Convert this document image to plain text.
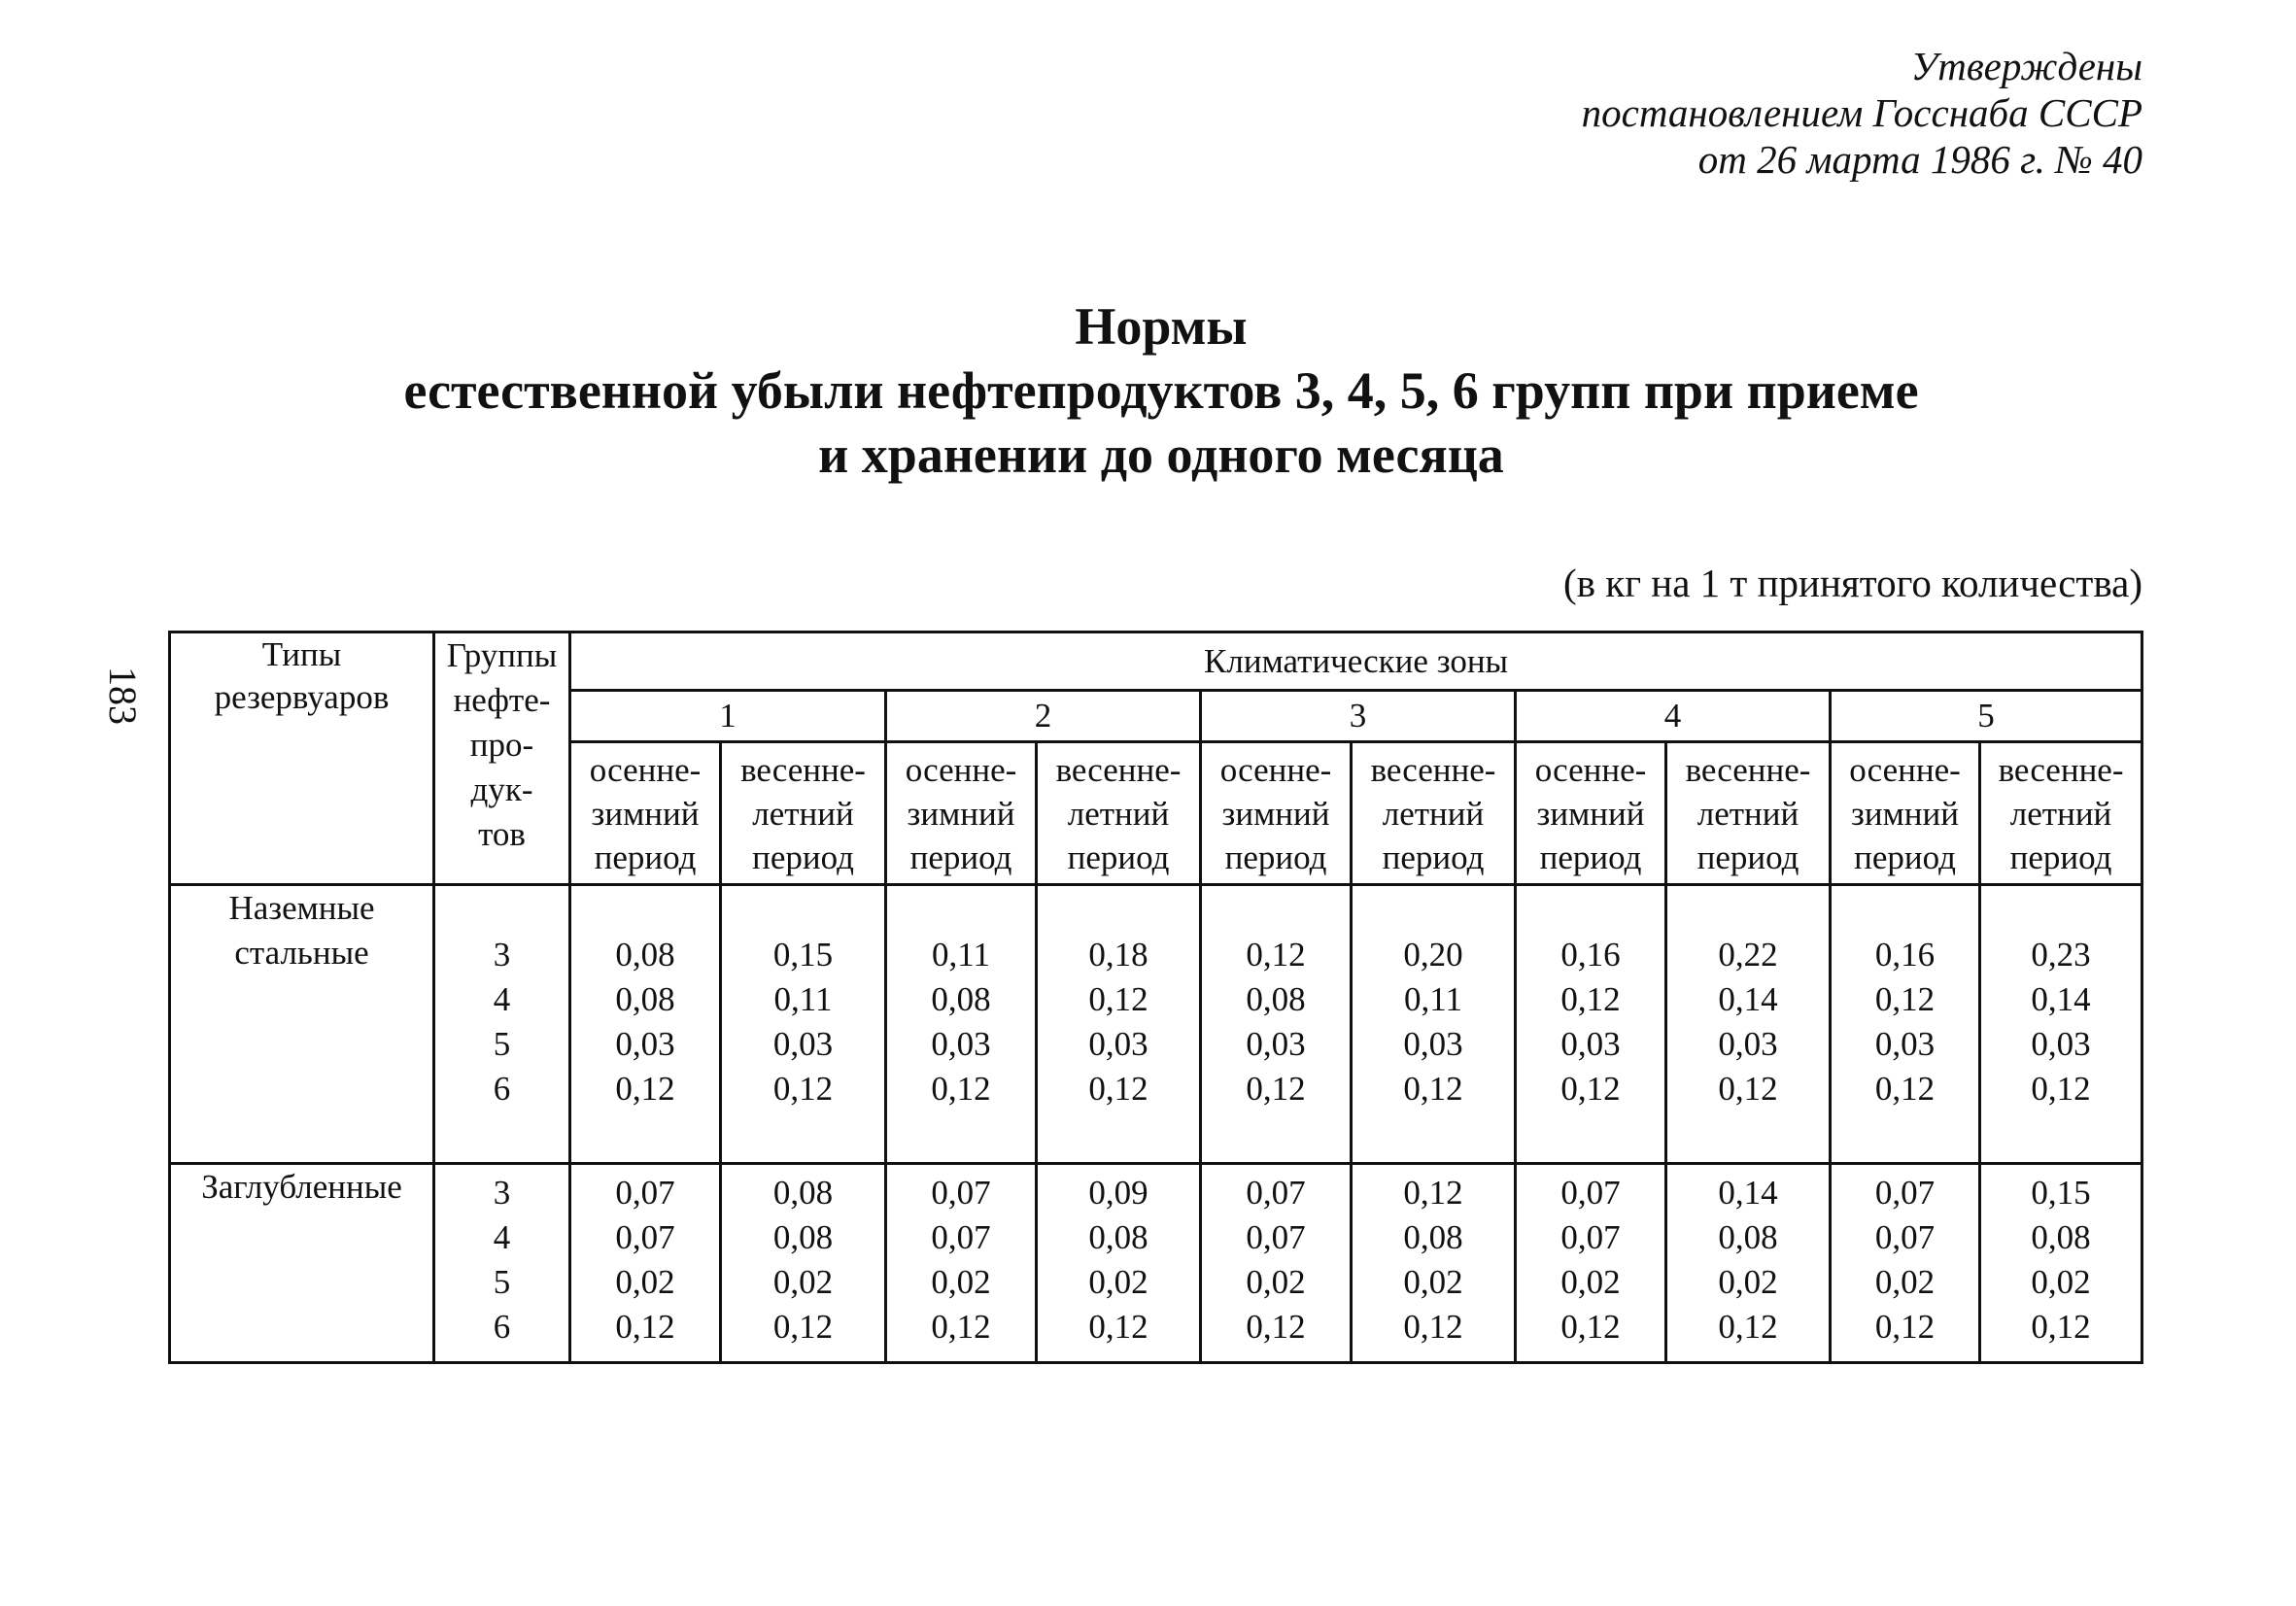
Утверждены
постановлением Госснаба СССР
от 26 марта 1986 г. № 40
Нормы
естественной убыли нефтепродуктов 3, 4, 5, 6 групп при приеме
и хранении до одного месяца
(в кг на 1 т принятого количества)
183
Типы
резервуаров	Группы
нефте-
про-
дук-
тов	Климатические зоны									
		1		2		3		4		5	

		осенне-
зимний
период	весенне-
летний
период	осенне-
зимний
период	весенне-
летний
период	осенне-
зимний
период	весенне-
летний
период	осенне-
зимний
период	весенне-
летний
период	осенне-
зимний
период	весенне-
летний
период

Наземные
стальные	3
4
5
6	0,08
0,08
0,03
0,12	0,15
0,11
0,03
0,12	0,11
0,08
0,03
0,12	0,18
0,12
0,03
0,12	0,12
0,08
0,03
0,12	0,20
0,11
0,03
0,12	0,16
0,12
0,03
0,12	0,22
0,14
0,03
0,12	0,16
0,12
0,03
0,12	0,23
0,14
0,03
0,12

Заглубленные	3
4
5
6	0,07
0,07
0,02
0,12	0,08
0,08
0,02
0,12	0,07
0,07
0,02
0,12	0,09
0,08
0,02
0,12	0,07
0,07
0,02
0,12	0,12
0,08
0,02
0,12	0,07
0,07
0,02
0,12	0,14
0,08
0,02
0,12	0,07
0,07
0,02
0,12	0,15
0,08
0,02
0,12
